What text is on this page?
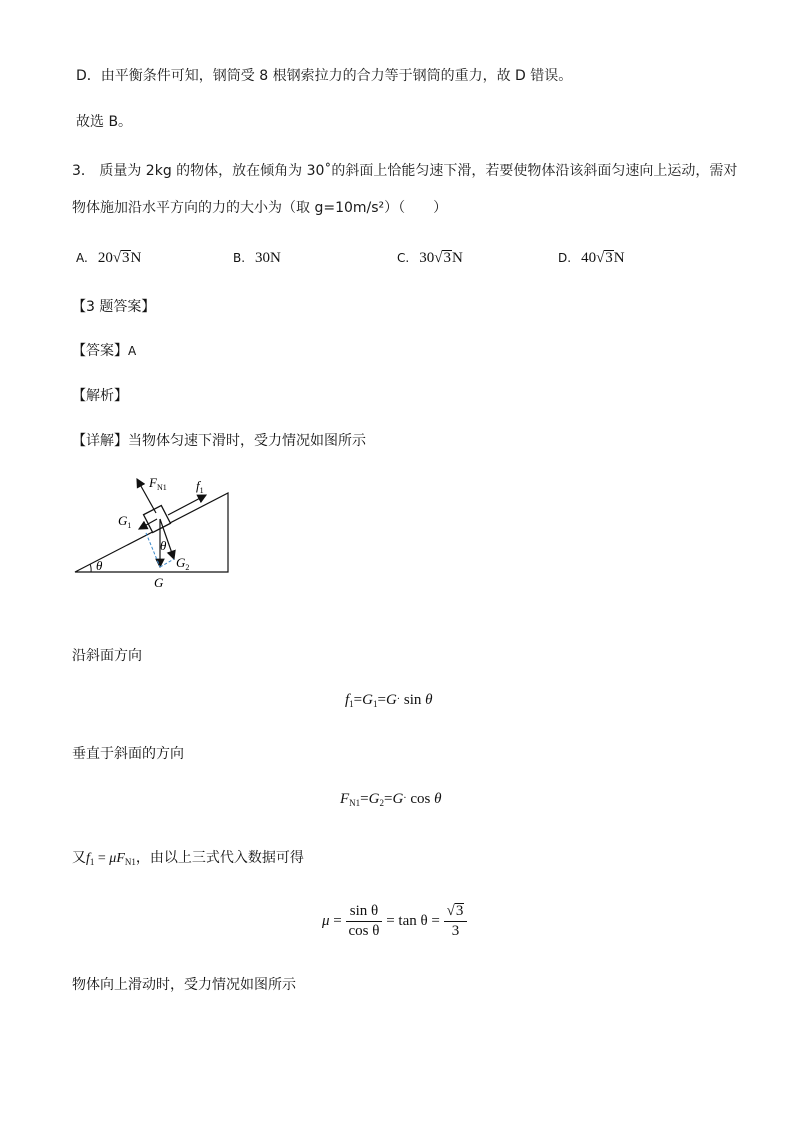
D．由平衡条件可知，钢筒受 8 根钢索拉力的合力等于钢筒的重力，故 D 错误。
故选 B。
3． 质量为 2kg 的物体，放在倾角为 30˚的斜面上恰能匀速下滑，若要使物体沿该斜面匀速向上运动，需对
物体施加沿水平方向的力的大小为（取 g=10m/s²）（　　）
A. 20√3N	B. 30N	C. 30√3N	D. 40√3N
【3 题答案】
【答案】A
【解析】
【详解】当物体匀速下滑时，受力情况如图所示
$F_{N1}$ $f_1$
$G_1$
θ
$G_2$
θ
G
沿斜面方向
$f_1=G_1=G\cdot \sin \theta$
垂直于斜面的方向
$F_{N1}=G_2=G\cdot \cos \theta$
又$f_1 = \mu F_{N1}$，由以上三式代入数据可得
$\mu = \frac{\text{sin θ}}{\text{cos θ}} = \tan \theta = \frac{√3}{3}$
物体向上滑动时，受力情况如图所示
